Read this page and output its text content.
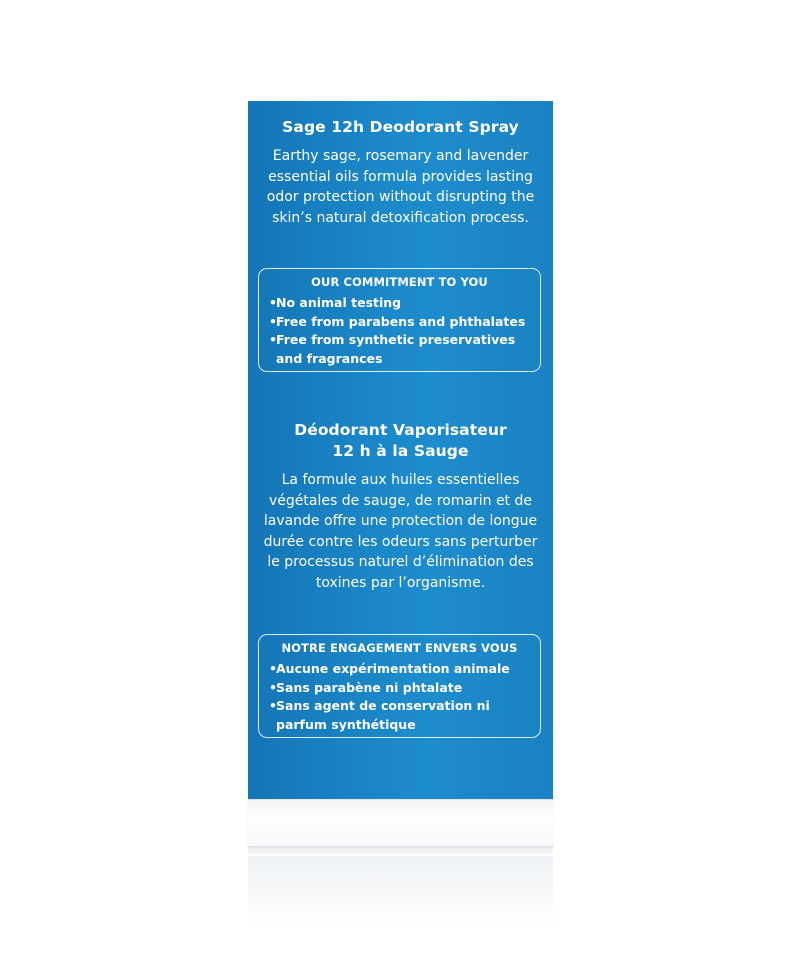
Sage 12h Deodorant Spray
Earthy sage, rosemary and lavender essential oils formula provides lasting odor protection without disrupting the skin’s natural detoxification process.
OUR COMMITMENT TO YOU
• No animal testing
• Free from parabens and phthalates
• Free from synthetic preservatives and fragrances
Déodorant Vaporisateur
12 h à la Sauge
La formule aux huiles essentielles végétales de sauge, de romarin et de lavande offre une protection de longue durée contre les odeurs sans perturber le processus naturel d’élimination des toxines par l’organisme.
NOTRE ENGAGEMENT ENVERS VOUS
• Aucune expérimentation animale
• Sans parabène ni phtalate
• Sans agent de conservation ni parfum synthétique
